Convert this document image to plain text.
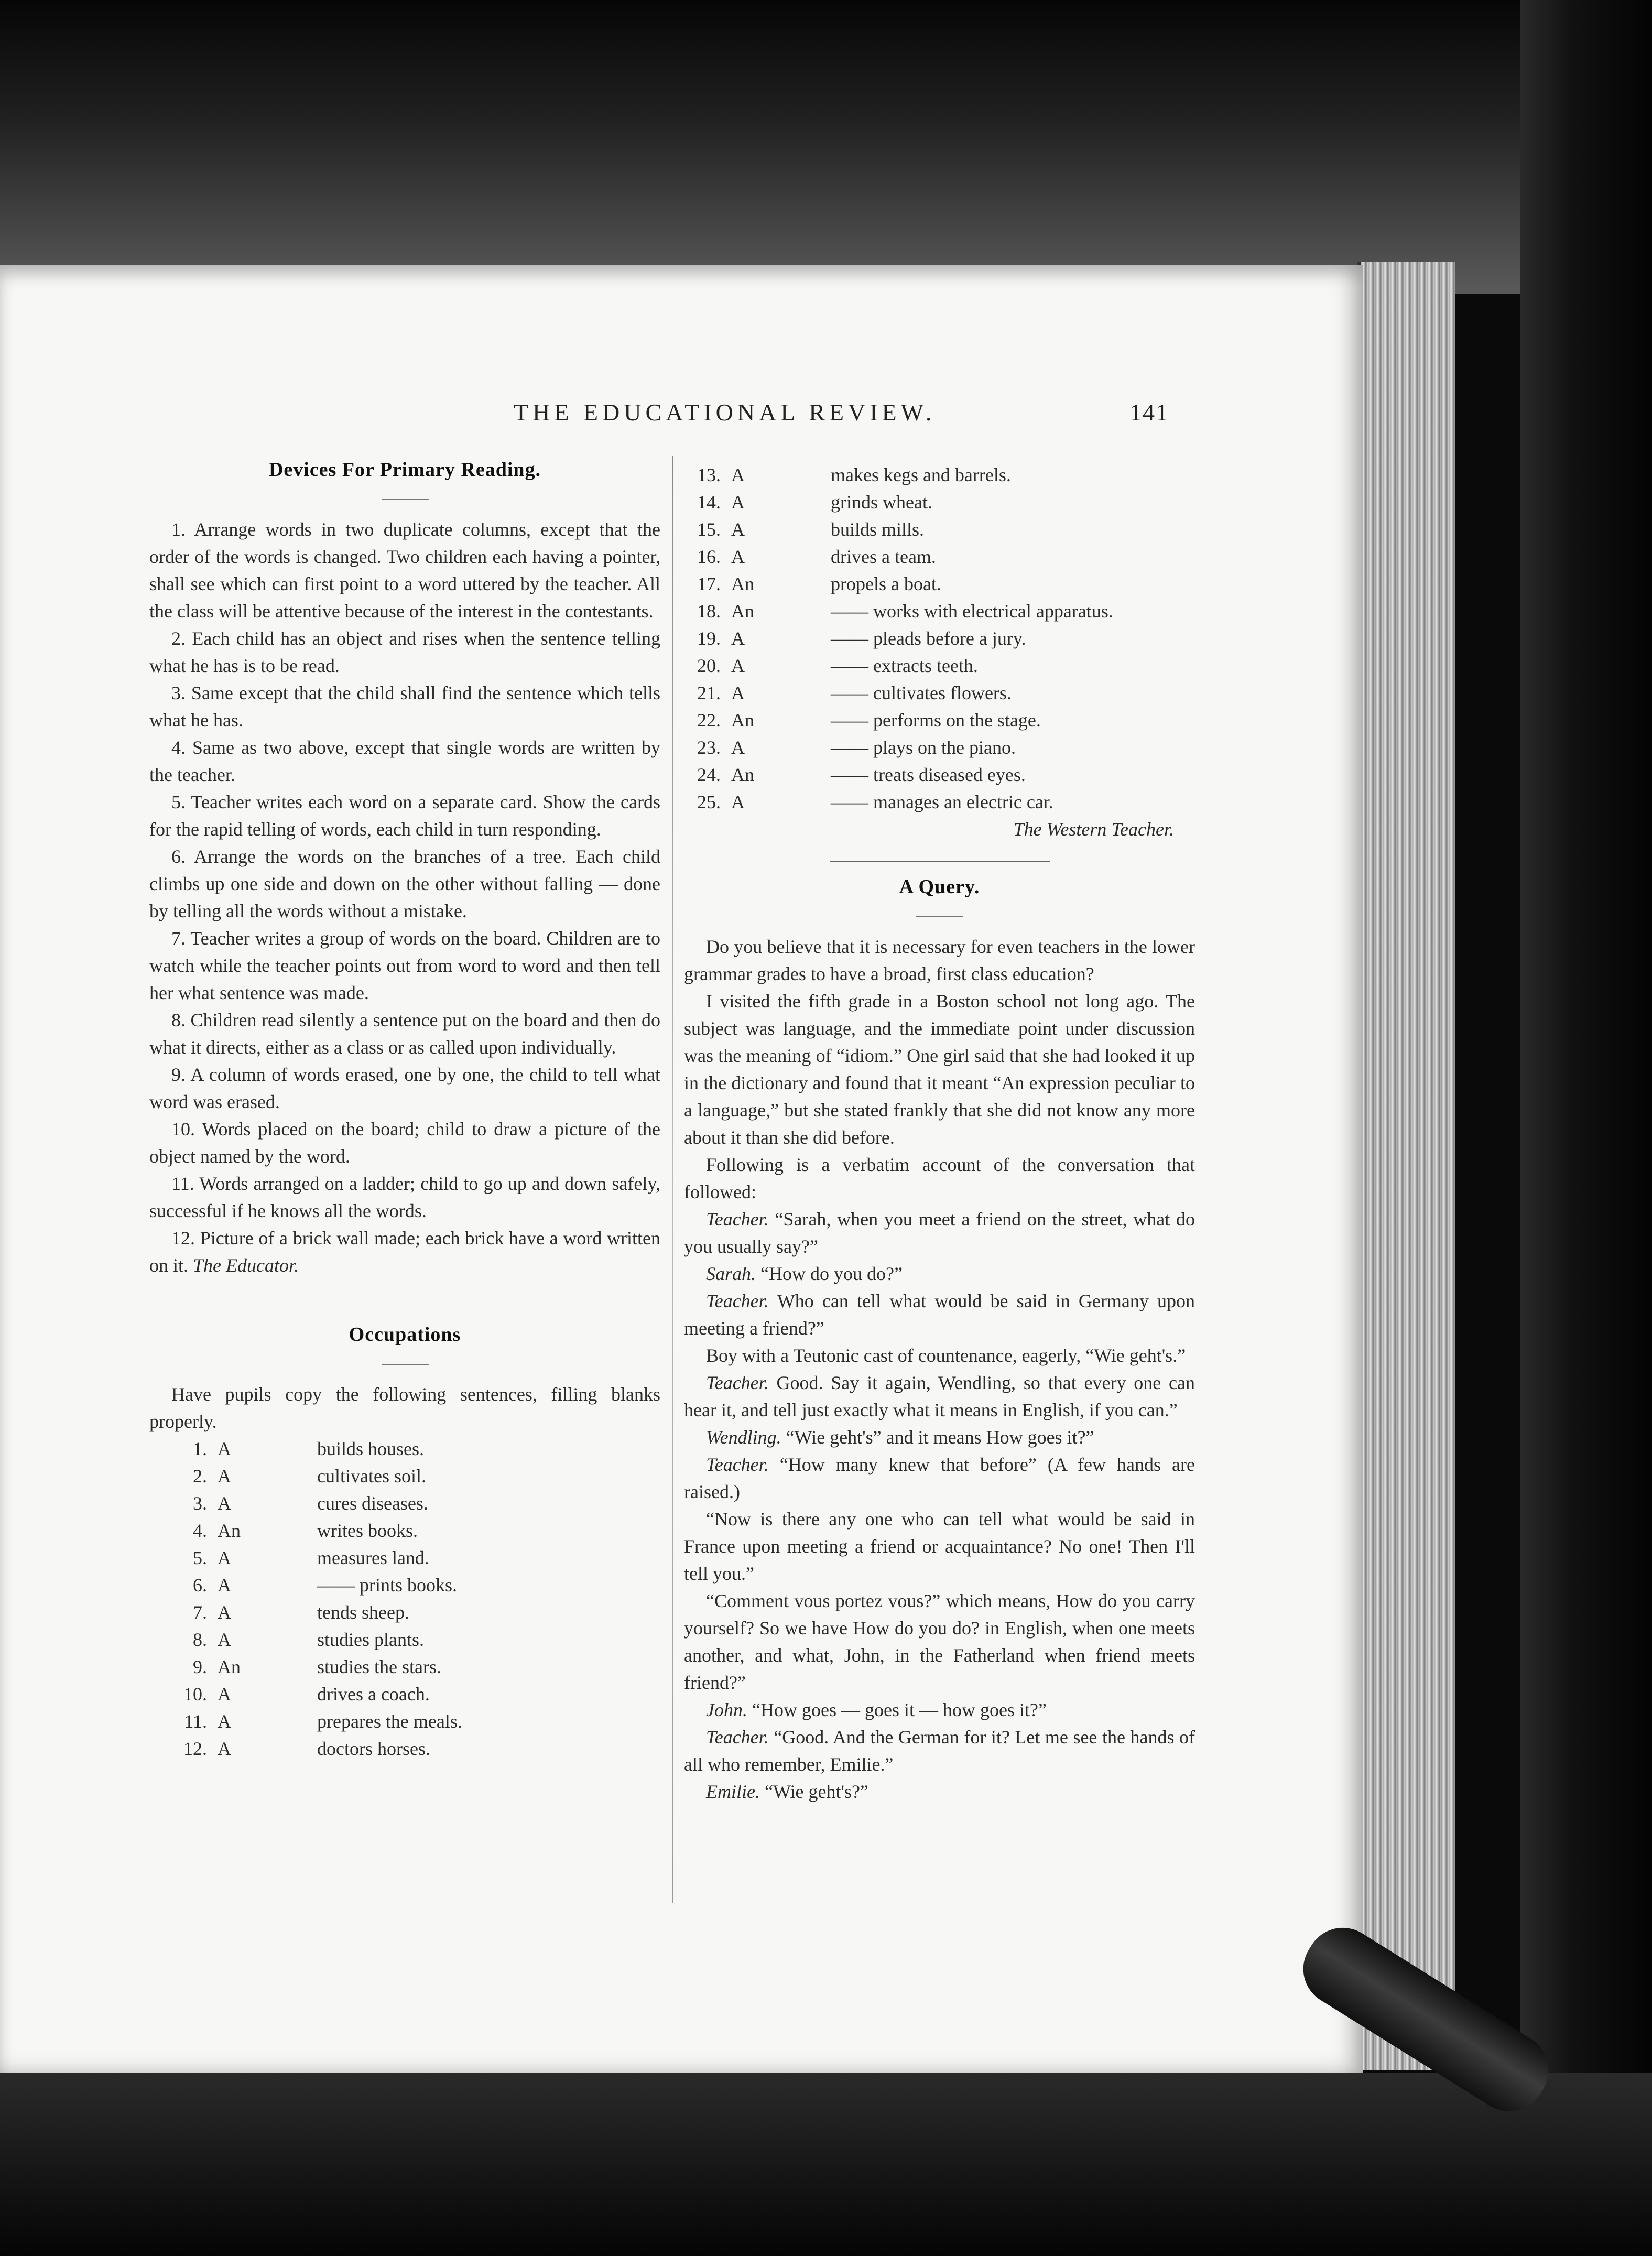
THE EDUCATIONAL REVIEW.	141
Devices For Primary Reading.

1. Arrange words in two duplicate columns, except that the order of the words is changed. Two children each having a pointer, shall see which can first point to a word uttered by the teacher. All the class will be attentive because of the interest in the contestants.

2. Each child has an object and rises when the sentence telling what he has is to be read.

3. Same except that the child shall find the sentence which tells what he has.

4. Same as two above, except that single words are written by the teacher.

5. Teacher writes each word on a separate card. Show the cards for the rapid telling of words, each child in turn responding.

6. Arrange the words on the branches of a tree. Each child climbs up one side and down on the other without falling — done by telling all the words without a mistake.

7. Teacher writes a group of words on the board. Children are to watch while the teacher points out from word to word and then tell her what sentence was made.

8. Children read silently a sentence put on the board and then do what it directs, either as a class or as called upon individually.

9. A column of words erased, one by one, the child to tell what word was erased.

10. Words placed on the board; child to draw a picture of the object named by the word.

11. Words arranged on a ladder; child to go up and down safely, successful if he knows all the words.

12. Picture of a brick wall made; each brick have a word written on it. The Educator.

Occupations

Have pupils copy the following sentences, filling blanks properly.

1. A	builds houses.
2. A	cultivates soil.
3. A	cures diseases.
4. An	writes books.
5. A	measures land.
6. A	—— prints books.
7. A	tends sheep.
8. A	studies plants.
9. An	studies the stars.
10. A	drives a coach.
11. A	prepares the meals.
12. A	doctors horses.
13. A	makes kegs and barrels.
14. A	grinds wheat.
15. A	builds mills.
16. A	drives a team.
17. An	propels a boat.
18. An	—— works with electrical apparatus.
19. A	—— pleads before a jury.
20. A	—— extracts teeth.
21. A	—— cultivates flowers.
22. An	—— performs on the stage.
23. A	—— plays on the piano.
24. An	—— treats diseased eyes.
25. A	—— manages an electric car.

The Western Teacher.

A Query.

Do you believe that it is necessary for even teachers in the lower grammar grades to have a broad, first class education?

I visited the fifth grade in a Boston school not long ago. The subject was language, and the immediate point under discussion was the meaning of “idiom.” One girl said that she had looked it up in the dictionary and found that it meant “An expression peculiar to a language,” but she stated frankly that she did not know any more about it than she did before.

Following is a verbatim account of the conversation that followed:

Teacher. “Sarah, when you meet a friend on the street, what do you usually say?”

Sarah. “How do you do?”

Teacher. Who can tell what would be said in Germany upon meeting a friend?”

Boy with a Teutonic cast of countenance, eagerly, “Wie geht's.”

Teacher. Good. Say it again, Wendling, so that every one can hear it, and tell just exactly what it means in English, if you can.”

Wendling. “Wie geht's” and it means How goes it?”

Teacher. “How many knew that before” (A few hands are raised.)

“Now is there any one who can tell what would be said in France upon meeting a friend or acquaintance? No one! Then I'll tell you.”

“Comment vous portez vous?” which means, How do you carry yourself? So we have How do you do? in English, when one meets another, and what, John, in the Fatherland when friend meets friend?”

John. “How goes — goes it — how goes it?”

Teacher. “Good. And the German for it? Let me see the hands of all who remember, Emilie.”

Emilie. “Wie geht's?”
